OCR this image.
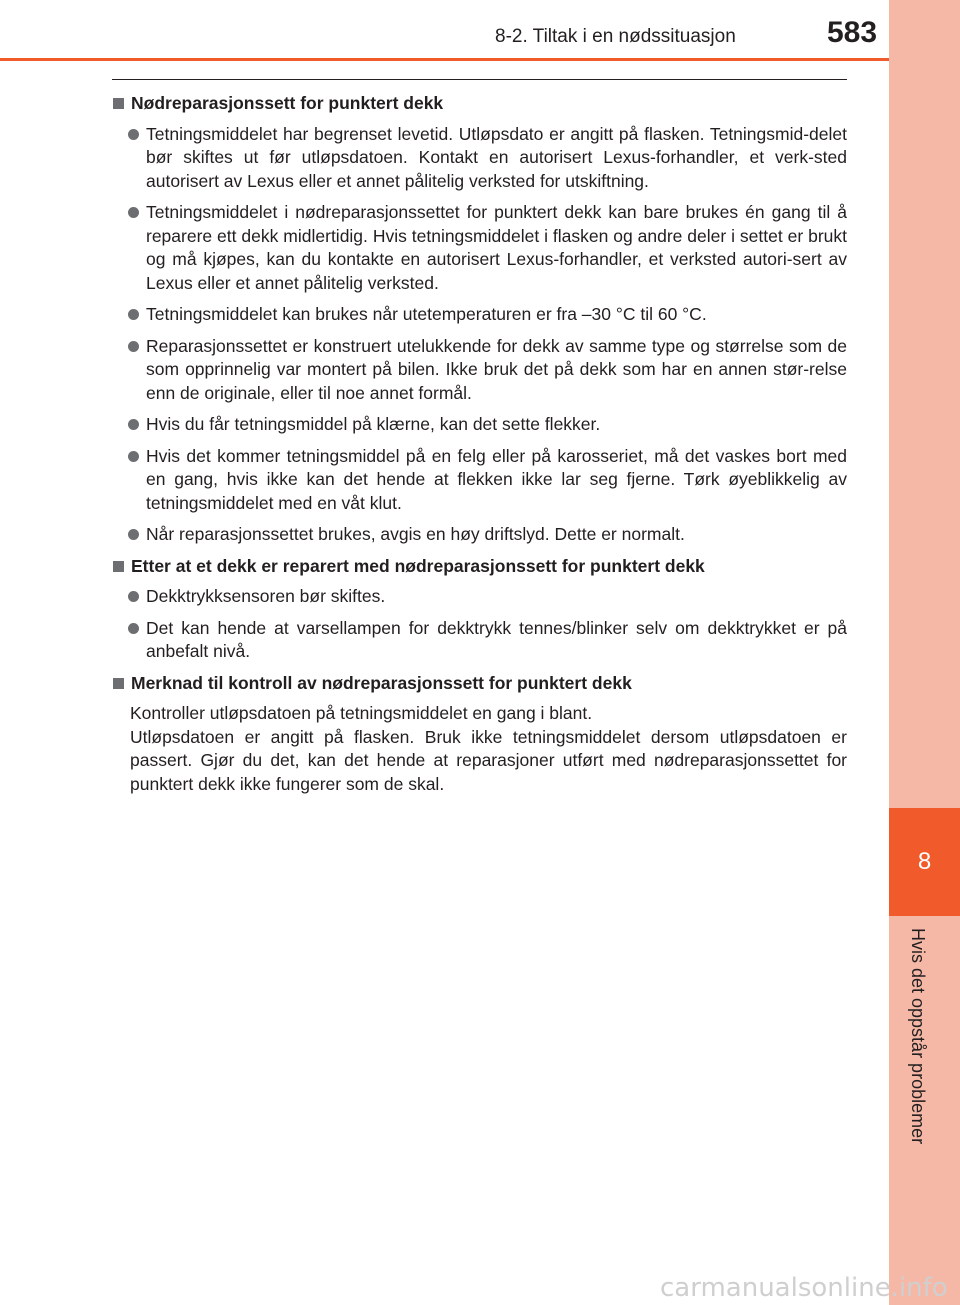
8
Hvis det oppstår problemer
8-2. Tiltak i en nødssituasjon	583
Nødreparasjonssett for punktert dekk
Tetningsmiddelet har begrenset levetid. Utløpsdato er angitt på flasken. Tetningsmid-delet bør skiftes ut før utløpsdatoen. Kontakt en autorisert Lexus-forhandler, et verk-sted autorisert av Lexus eller et annet pålitelig verksted for utskiftning.
Tetningsmiddelet i nødreparasjonssettet for punktert dekk kan bare brukes én gang til å reparere ett dekk midlertidig. Hvis tetningsmiddelet i flasken og andre deler i settet er brukt og må kjøpes, kan du kontakte en autorisert Lexus-forhandler, et verksted autori-sert av Lexus eller et annet pålitelig verksted.
Tetningsmiddelet kan brukes når utetemperaturen er fra –30 °C til 60 °C.
Reparasjonssettet er konstruert utelukkende for dekk av samme type og størrelse som de som opprinnelig var montert på bilen. Ikke bruk det på dekk som har en annen stør-relse enn de originale, eller til noe annet formål.
Hvis du får tetningsmiddel på klærne, kan det sette flekker.
Hvis det kommer tetningsmiddel på en felg eller på karosseriet, må det vaskes bort med en gang, hvis ikke kan det hende at flekken ikke lar seg fjerne. Tørk øyeblikkelig av tetningsmiddelet med en våt klut.
Når reparasjonssettet brukes, avgis en høy driftslyd. Dette er normalt.
Etter at et dekk er reparert med nødreparasjonssett for punktert dekk
Dekktrykksensoren bør skiftes.
Det kan hende at varsellampen for dekktrykk tennes/blinker selv om dekktrykket er på anbefalt nivå.
Merknad til kontroll av nødreparasjonssett for punktert dekk
Kontroller utløpsdatoen på tetningsmiddelet en gang i blant.
Utløpsdatoen er angitt på flasken. Bruk ikke tetningsmiddelet dersom utløpsdatoen er passert. Gjør du det, kan det hende at reparasjoner utført med nødreparasjonssettet for punktert dekk ikke fungerer som de skal.
carmanualsonline.info
